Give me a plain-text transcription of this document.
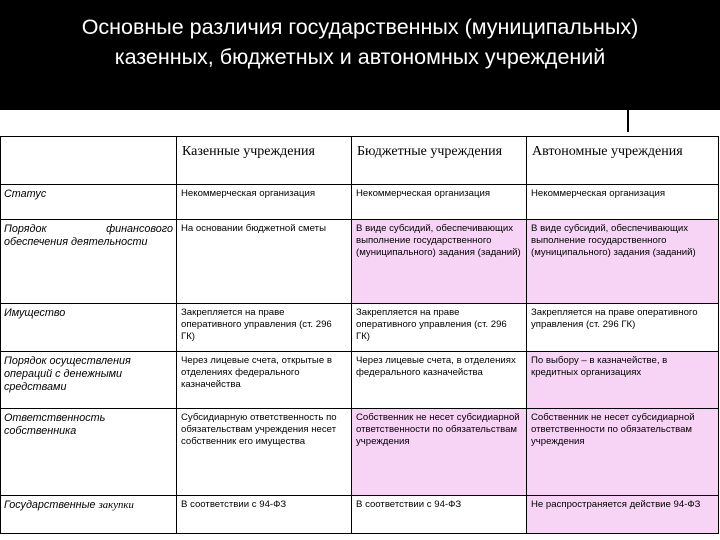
Основные различия государственных (муниципальных)
казенных, бюджетных и автономных учреждений
	Казенные учреждения	Бюджетные учреждения	Автономные учреждения
Статус	Некоммерческая организация	Некоммерческая организация	Некоммерческая организация

Порядок финансового
обеспечения деятельности	На основании бюджетной сметы	В виде субсидий, обеспечивающих выполнение государственного (муниципального) задания (заданий)	В виде субсидий, обеспечивающих выполнение государственного (муниципального) задания (заданий)
Имущество	Закрепляется на праве оперативного управления (ст. 296 ГК)	Закрепляется на праве оперативного управления (ст. 296 ГК)	Закрепляется на праве оперативного управления (ст. 296 ГК)
Порядок осуществления операций с денежными средствами	Через лицевые счета, открытые в отделениях федерального казначейства	Через лицевые счета, в отделениях федерального казначейства	По выбору – в казначействе, в кредитных организациях
Ответственность собственника	Субсидиарную ответственность по обязательствам учреждения несет собственник его имущества	Собственник не несет субсидиарной ответственности по обязательствам учреждения	Собственник не несет субсидиарной ответственности по обязательствам учреждения
Государственные закупки	В соответствии с 94-ФЗ	В соответствии с 94-ФЗ	Не распространяется действие 94-ФЗ
